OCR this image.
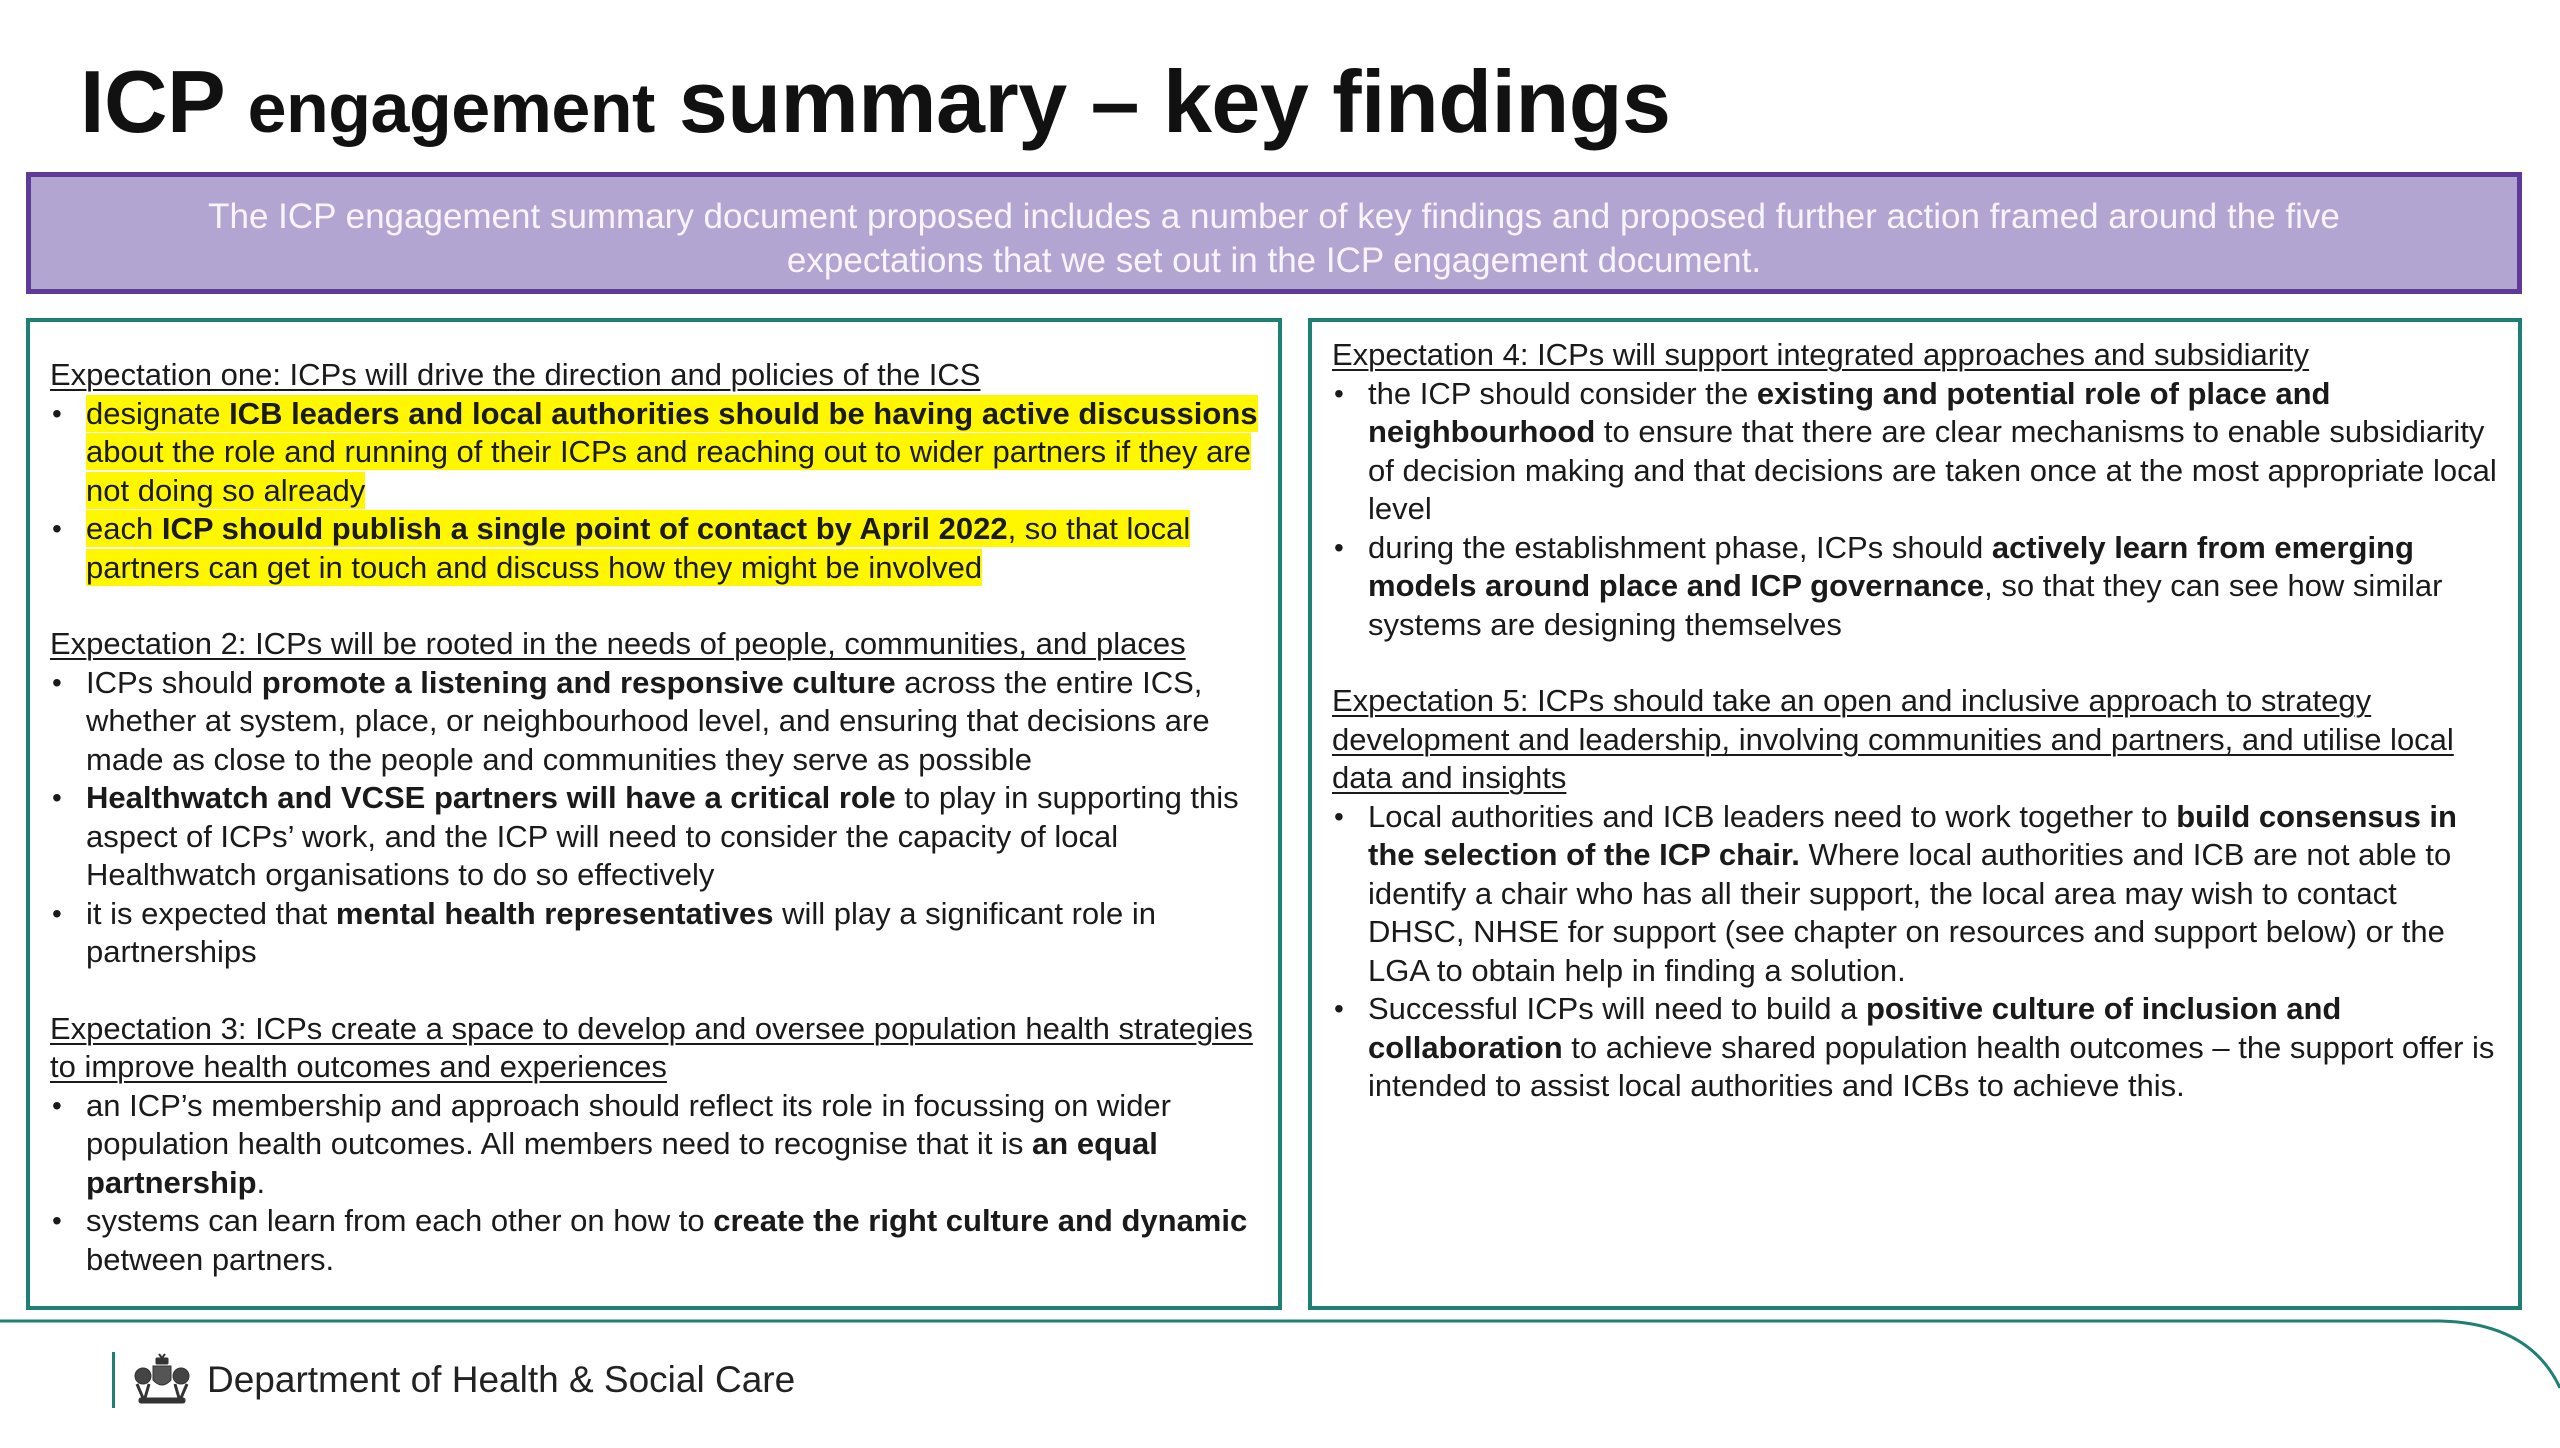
ICP engagement summary – key findings
The ICP engagement summary document proposed includes a number of key findings and proposed further action framed around the five expectations that we set out in the ICP engagement document.
Expectation one: ICPs will drive the direction and policies of the ICS
• designate ICB leaders and local authorities should be having active discussions about the role and running of their ICPs and reaching out to wider partners if they are not doing so already
• each ICP should publish a single point of contact by April 2022, so that local partners can get in touch and discuss how they might be involved
Expectation 2: ICPs will be rooted in the needs of people, communities, and places
• ICPs should promote a listening and responsive culture across the entire ICS, whether at system, place, or neighbourhood level, and ensuring that decisions are made as close to the people and communities they serve as possible
• Healthwatch and VCSE partners will have a critical role to play in supporting this aspect of ICPs’ work, and the ICP will need to consider the capacity of local Healthwatch organisations to do so effectively
• it is expected that mental health representatives will play a significant role in partnerships
Expectation 3: ICPs create a space to develop and oversee population health strategies to improve health outcomes and experiences
• an ICP’s membership and approach should reflect its role in focussing on wider population health outcomes. All members need to recognise that it is an equal partnership.
• systems can learn from each other on how to create the right culture and dynamic between partners.
Expectation 4: ICPs will support integrated approaches and subsidiarity
• the ICP should consider the existing and potential role of place and neighbourhood to ensure that there are clear mechanisms to enable subsidiarity of decision making and that decisions are taken once at the most appropriate local level
• during the establishment phase, ICPs should actively learn from emerging models around place and ICP governance, so that they can see how similar systems are designing themselves
Expectation 5: ICPs should take an open and inclusive approach to strategy development and leadership, involving communities and partners, and utilise local data and insights
• Local authorities and ICB leaders need to work together to build consensus in the selection of the ICP chair. Where local authorities and ICB are not able to identify a chair who has all their support, the local area may wish to contact DHSC, NHSE for support (see chapter on resources and support below) or the LGA to obtain help in finding a solution.
• Successful ICPs will need to build a positive culture of inclusion and collaboration to achieve shared population health outcomes – the support offer is intended to assist local authorities and ICBs to achieve this.
Department of Health & Social Care
